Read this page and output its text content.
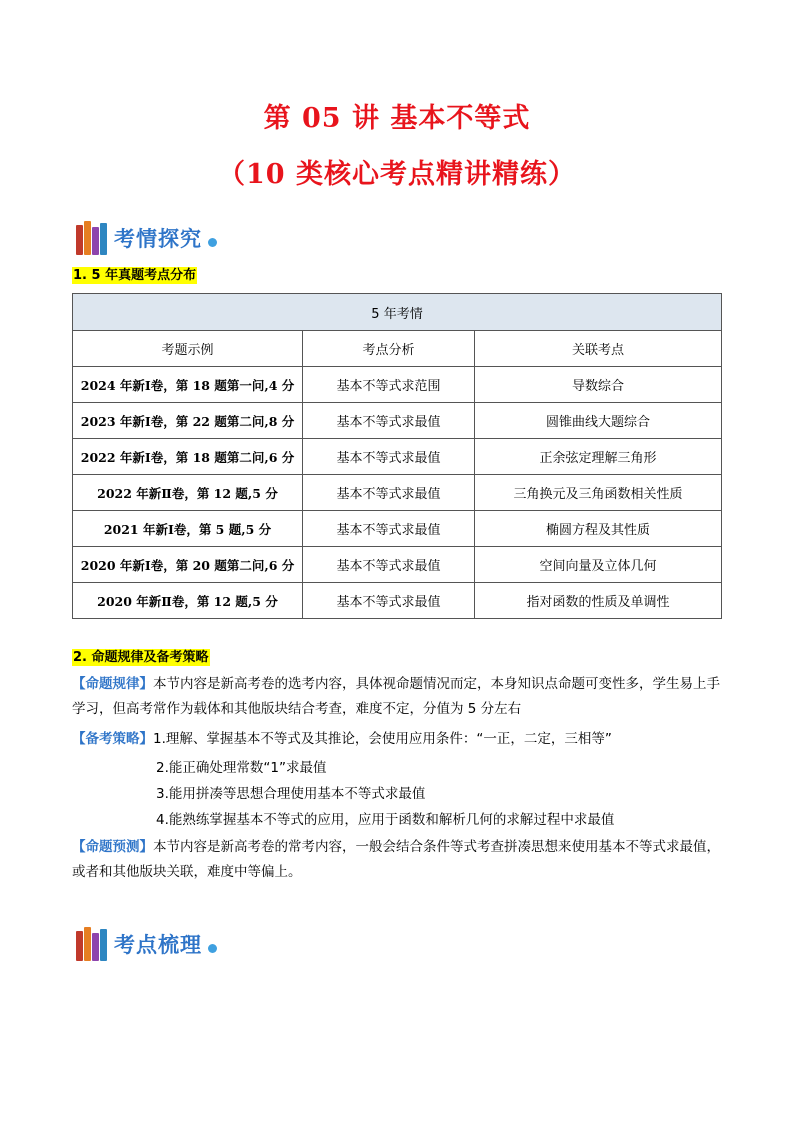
第 05 讲 基本不等式
（10 类核心考点精讲精练）
考情探究
1. 5 年真题考点分布
5 年考情		
考题示例	考点分析	关联考点
2024 年新Ⅰ卷，第 18 题第一问,4 分	基本不等式求范围	导数综合
2023 年新Ⅰ卷，第 22 题第二问,8 分	基本不等式求最值	圆锥曲线大题综合
2022 年新Ⅰ卷，第 18 题第二问,6 分	基本不等式求最值	正余弦定理解三角形
2022 年新Ⅱ卷，第 12 题,5 分	基本不等式求最值	三角换元及三角函数相关性质
2021 年新Ⅰ卷，第 5 题,5 分	基本不等式求最值	椭圆方程及其性质
2020 年新Ⅰ卷，第 20 题第二问,6 分	基本不等式求最值	空间向量及立体几何
2020 年新Ⅱ卷，第 12 题,5 分	基本不等式求最值	指对函数的性质及单调性
2. 命题规律及备考策略
【命题规律】本节内容是新高考卷的选考内容，具体视命题情况而定，本身知识点命题可变性多，学生易上手学习，但高考常作为载体和其他版块结合考查，难度不定，分值为 5 分左右
【备考策略】1.理解、掌握基本不等式及其推论，会使用应用条件：“一正，二定，三相等”
2.能正确处理常数“1”求最值
3.能用拼凑等思想合理使用基本不等式求最值
4.能熟练掌握基本不等式的应用，应用于函数和解析几何的求解过程中求最值
【命题预测】本节内容是新高考卷的常考内容，一般会结合条件等式考查拼凑思想来使用基本不等式求最值，或者和其他版块关联，难度中等偏上。
考点梳理
